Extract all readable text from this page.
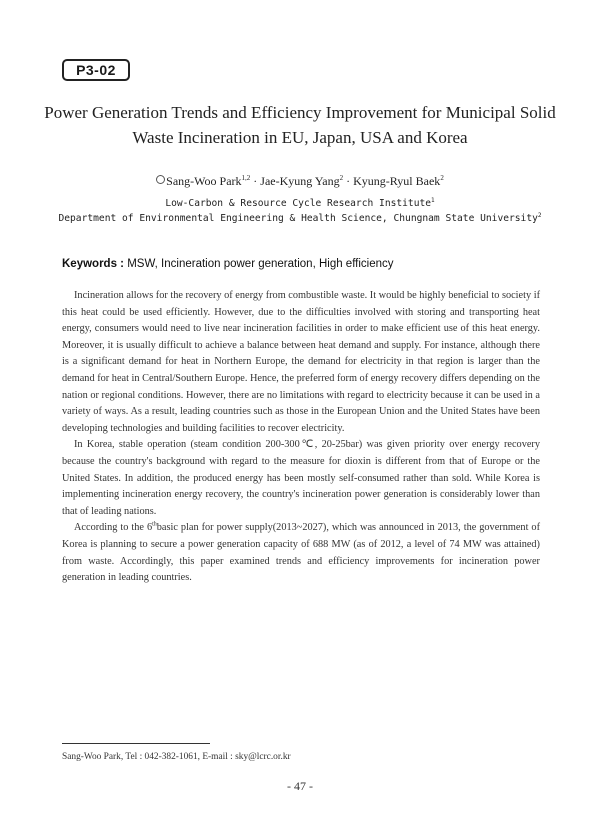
P3-02
Power Generation Trends and Efficiency Improvement for Municipal Solid
Waste Incineration in EU, Japan, USA and Korea
Sang-Woo Park$^{1,2}$ · Jae-Kyung Yang$^2$ · Kyung-Ryul Baek$^2$
Low-Carbon & Resource Cycle Research Institute$^1$
Department of Environmental Engineering & Health Science, Chungnam State University$^2$
Keywords : MSW, Incineration power generation, High efficiency

Incineration allows for the recovery of energy from combustible waste. It would be highly beneficial to society if this heat could be used efficiently. However, due to the difficulties involved with storing and transporting heat energy, consumers would need to live near incineration facilities in order to make efficient use of this heat energy. Moreover, it is usually difficult to achieve a balance between heat demand and supply. For instance, although there is a significant demand for heat in Northern Europe, the demand for electricity in that region is larger than the demand for heat in Central/Southern Europe. Hence, the preferred form of energy recovery differs depending on the nation or regional conditions. However, there are no limitations with regard to electricity because it can be used in a variety of ways. As a result, leading countries such as those in the European Union and the United States have been developing technologies and building facilities to recover electricity.

In Korea, stable operation (steam condition 200-300℃, 20-25bar) was given priority over energy recovery because the country's background with regard to the measure for dioxin is different from that of Europe or the United States. In addition, the produced energy has been mostly self-consumed rather than sold. While Korea is implementing incineration energy recovery, the country's incineration power generation is considerably lower than that of leading nations.

According to the 6thbasic plan for power supply(2013~2027), which was announced in 2013, the government of Korea is planning to secure a power generation capacity of 688 MW (as of 2012, a level of 74 MW was attained) from waste. Accordingly, this paper examined trends and efficiency improvements for incineration power generation in leading countries.

Sang-Woo Park, Tel : 042-382-1061, E-mail : sky@lcrc.or.kr
- 47 -
